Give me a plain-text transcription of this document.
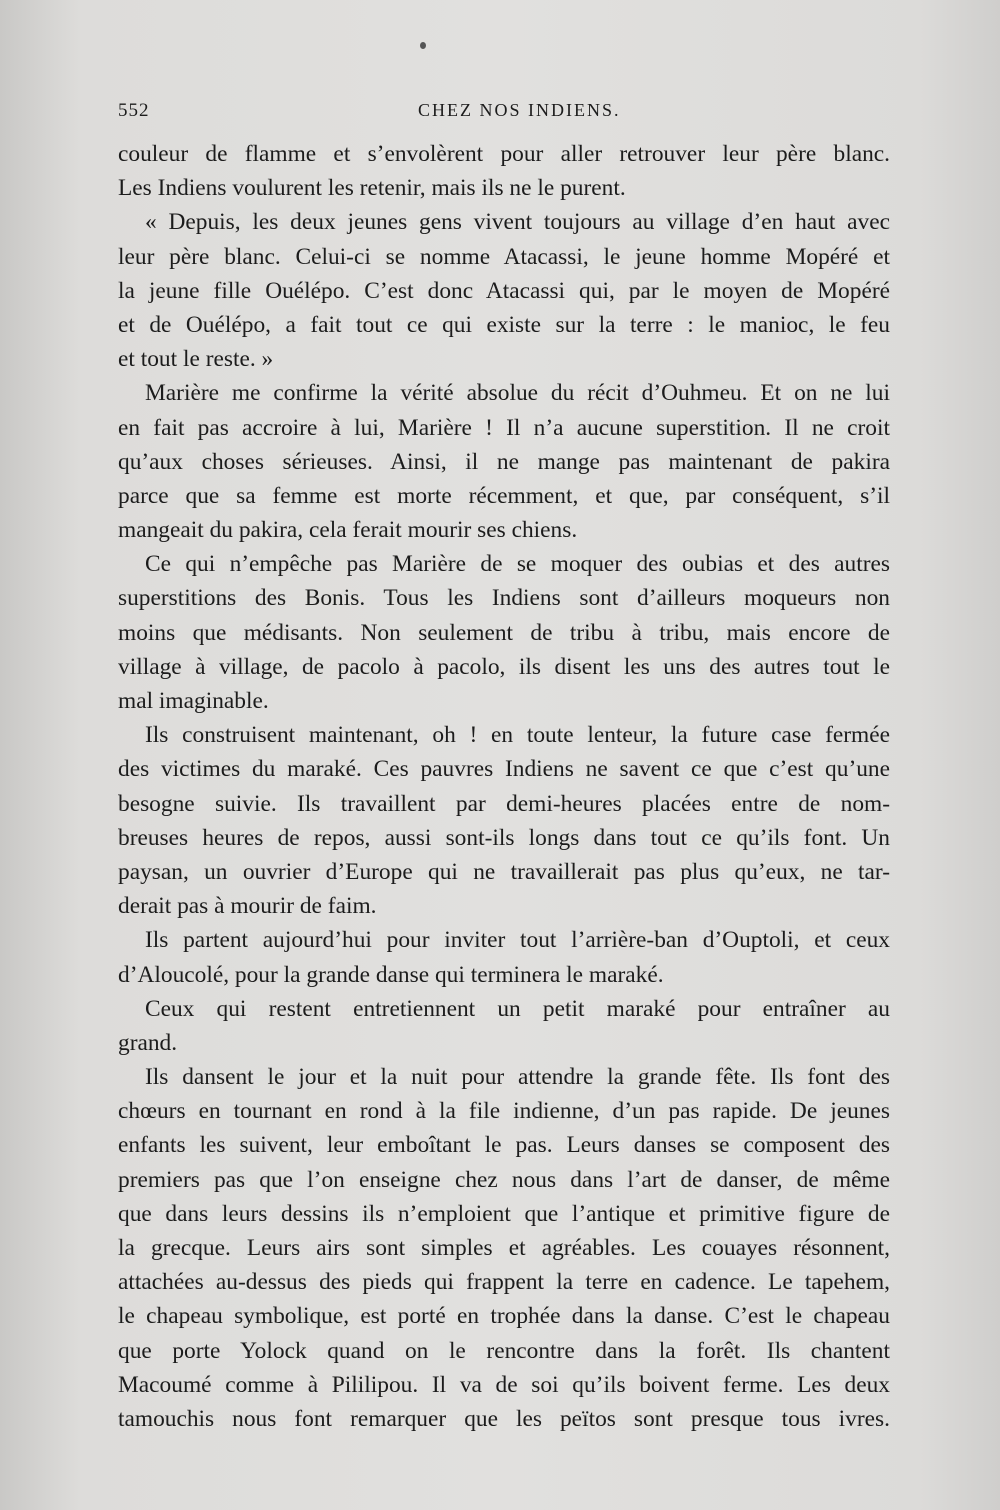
552	CHEZ NOS INDIENS.
couleur de flamme et s’envolèrent pour aller retrouver leur père blanc.
Les Indiens voulurent les retenir, mais ils ne le purent.
« Depuis, les deux jeunes gens vivent toujours au village d’en haut avec
leur père blanc. Celui-ci se nomme Atacassi, le jeune homme Mopéré et
la jeune fille Ouélépo. C’est donc Atacassi qui, par le moyen de Mopéré
et de Ouélépo, a fait tout ce qui existe sur la terre : le manioc, le feu
et tout le reste. »
Marière me confirme la vérité absolue du récit d’Ouhmeu. Et on ne lui
en fait pas accroire à lui, Marière ! Il n’a aucune superstition. Il ne croit
qu’aux choses sérieuses. Ainsi, il ne mange pas maintenant de pakira
parce que sa femme est morte récemment, et que, par conséquent, s’il
mangeait du pakira, cela ferait mourir ses chiens.
Ce qui n’empêche pas Marière de se moquer des oubias et des autres
superstitions des Bonis. Tous les Indiens sont d’ailleurs moqueurs non
moins que médisants. Non seulement de tribu à tribu, mais encore de
village à village, de pacolo à pacolo, ils disent les uns des autres tout le
mal imaginable.
Ils construisent maintenant, oh ! en toute lenteur, la future case fermée
des victimes du maraké. Ces pauvres Indiens ne savent ce que c’est qu’une
besogne suivie. Ils travaillent par demi-heures placées entre de nom-
breuses heures de repos, aussi sont-ils longs dans tout ce qu’ils font. Un
paysan, un ouvrier d’Europe qui ne travaillerait pas plus qu’eux, ne tar-
derait pas à mourir de faim.
Ils partent aujourd’hui pour inviter tout l’arrière-ban d’Ouptoli, et ceux
d’Aloucolé, pour la grande danse qui terminera le maraké.
Ceux qui restent entretiennent un petit maraké pour entraîner au
grand.
Ils dansent le jour et la nuit pour attendre la grande fête. Ils font des
chœurs en tournant en rond à la file indienne, d’un pas rapide. De jeunes
enfants les suivent, leur emboîtant le pas. Leurs danses se composent des
premiers pas que l’on enseigne chez nous dans l’art de danser, de même
que dans leurs dessins ils n’emploient que l’antique et primitive figure de
la grecque. Leurs airs sont simples et agréables. Les couayes résonnent,
attachées au-dessus des pieds qui frappent la terre en cadence. Le tapehem,
le chapeau symbolique, est porté en trophée dans la danse. C’est le chapeau
que porte Yolock quand on le rencontre dans la forêt. Ils chantent
Macoumé comme à Pililipou. Il va de soi qu’ils boivent ferme. Les deux
tamouchis nous font remarquer que les peïtos sont presque tous ivres.
